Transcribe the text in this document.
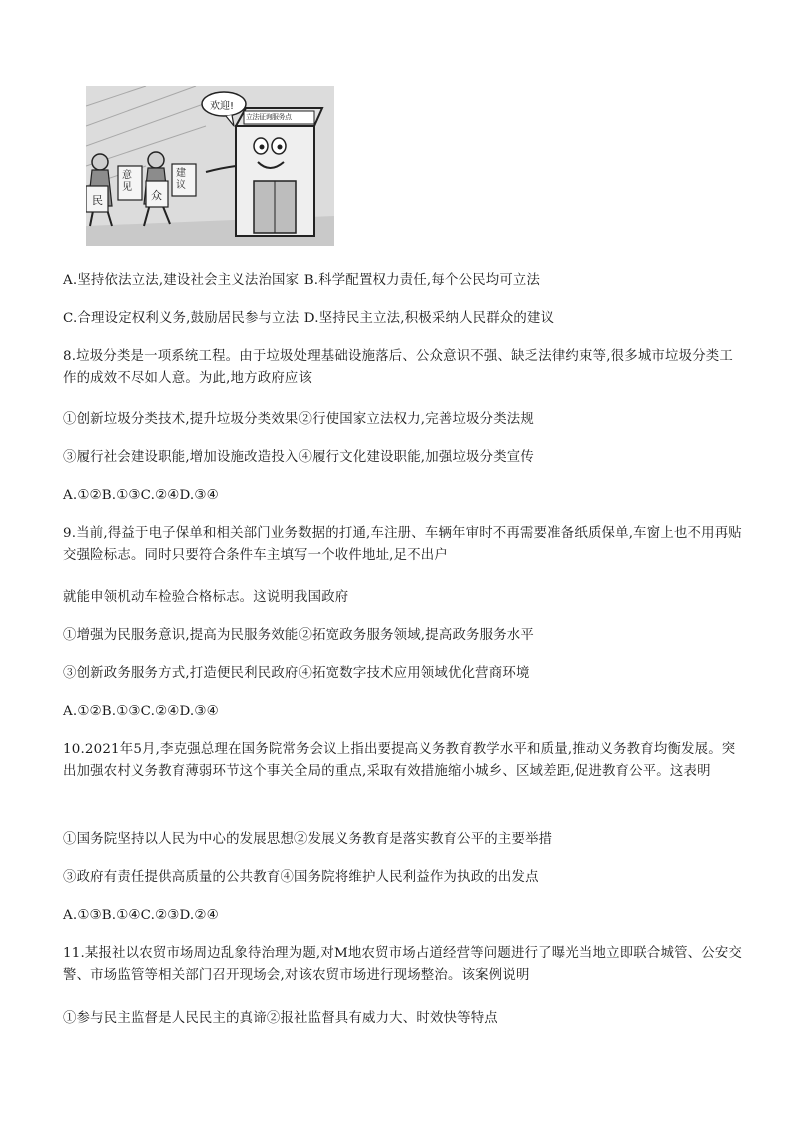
欢迎!
立法征询服务点
民
意见
众
建议
A.坚持依法立法,建设社会主义法治国家 B.科学配置权力责任,每个公民均可立法
C.合理设定权利义务,鼓励居民参与立法 D.坚持民主立法,积极采纳人民群众的建议
8.垃圾分类是一项系统工程。由于垃圾处理基础设施落后、公众意识不强、缺乏法律约束等,很多城市垃圾分类工作的成效不尽如人意。为此,地方政府应该
①创新垃圾分类技术,提升垃圾分类效果②行使国家立法权力,完善垃圾分类法规
③履行社会建设职能,增加设施改造投入④履行文化建设职能,加强垃圾分类宣传
A.①②B.①③C.②④D.③④
9.当前,得益于电子保单和相关部门业务数据的打通,车注册、车辆年审时不再需要准备纸质保单,车窗上也不用再贴交强险标志。同时只要符合条件车主填写一个收件地址,足不出户
就能申领机动车检验合格标志。这说明我国政府
①增强为民服务意识,提高为民服务效能②拓宽政务服务领域,提高政务服务水平
③创新政务服务方式,打造便民利民政府④拓宽数字技术应用领域优化营商环境
A.①②B.①③C.②④D.③④
10.2021年5月,李克强总理在国务院常务会议上指出要提高义务教育教学水平和质量,推动义务教育均衡发展。突出加强农村义务教育薄弱环节这个事关全局的重点,采取有效措施缩小城乡、区域差距,促进教育公平。这表明
①国务院坚持以人民为中心的发展思想②发展义务教育是落实教育公平的主要举措
③政府有责任提供高质量的公共教育④国务院将维护人民利益作为执政的出发点
A.①③B.①④C.②③D.②④
11.某报社以农贸市场周边乱象待治理为题,对M地农贸市场占道经营等问题进行了曝光当地立即联合城管、公安交警、市场监管等相关部门召开现场会,对该农贸市场进行现场整治。该案例说明
①参与民主监督是人民民主的真谛②报社监督具有威力大、时效快等特点
